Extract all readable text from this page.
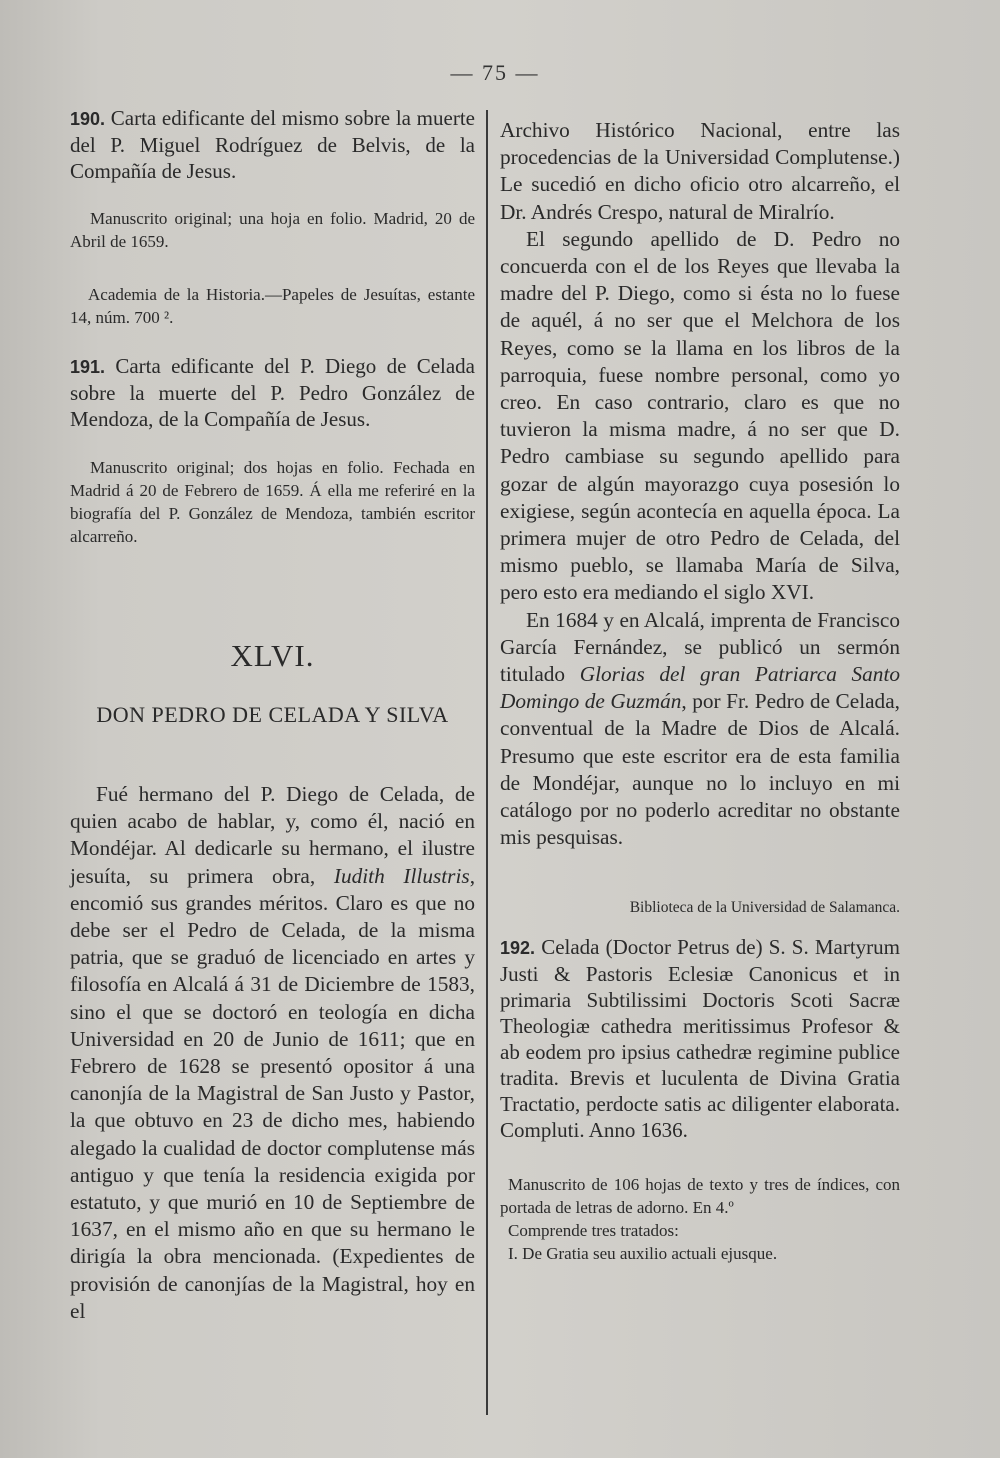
— 75 —

190. Carta edificante del mismo sobre la muerte del P. Miguel Rodríguez de Belvis, de la Compañía de Jesus.

Manuscrito original; una hoja en folio. Madrid, 20 de Abril de 1659.

Academia de la Historia.—Papeles de Jesuítas, estante 14, núm. 700 ².

191. Carta edificante del P. Diego de Celada sobre la muerte del P. Pedro González de Mendoza, de la Compañía de Jesus.

Manuscrito original; dos hojas en folio. Fechada en Madrid á 20 de Febrero de 1659. Á ella me referiré en la biografía del P. González de Mendoza, también escritor alcarreño.

XLVI.

DON PEDRO DE CELADA Y SILVA

Fué hermano del P. Diego de Celada, de quien acabo de hablar, y, como él, nació en Mondéjar. Al dedicarle su hermano, el ilustre jesuíta, su primera obra, Iudith Illustris, encomió sus grandes méritos. Claro es que no debe ser el Pedro de Celada, de la misma patria, que se graduó de licenciado en artes y filosofía en Alcalá á 31 de Diciembre de 1583, sino el que se doctoró en teología en dicha Universidad en 20 de Junio de 1611; que en Febrero de 1628 se presentó opositor á una canonjía de la Magistral de San Justo y Pastor, la que obtuvo en 23 de dicho mes, habiendo alegado la cualidad de doctor complutense más antiguo y que tenía la residencia exigida por estatuto, y que murió en 10 de Septiembre de 1637, en el mismo año en que su hermano le dirigía la obra mencionada. (Expedientes de provisión de canonjías de la Magistral, hoy en el

Archivo Histórico Nacional, entre las procedencias de la Universidad Complutense.) Le sucedió en dicho oficio otro alcarreño, el Dr. Andrés Crespo, natural de Miralrío.

El segundo apellido de D. Pedro no concuerda con el de los Reyes que llevaba la madre del P. Diego, como si ésta no lo fuese de aquél, á no ser que el Melchora de los Reyes, como se la llama en los libros de la parroquia, fuese nombre personal, como yo creo. En caso contrario, claro es que no tuvieron la misma madre, á no ser que D. Pedro cambiase su segundo apellido para gozar de algún mayorazgo cuya posesión lo exigiese, según acontecía en aquella época. La primera mujer de otro Pedro de Celada, del mismo pueblo, se llamaba María de Silva, pero esto era mediando el siglo XVI.

En 1684 y en Alcalá, imprenta de Francisco García Fernández, se publicó un sermón titulado Glorias del gran Patriarca Santo Domingo de Guzmán, por Fr. Pedro de Celada, conventual de la Madre de Dios de Alcalá. Presumo que este escritor era de esta familia de Mondéjar, aunque no lo incluyo en mi catálogo por no poderlo acreditar no obstante mis pesquisas.

Biblioteca de la Universidad de Salamanca.

192. Celada (Doctor Petrus de) S. S. Martyrum Justi & Pastoris Eclesiæ Canonicus et in primaria Subtilissimi Doctoris Scoti Sacræ Theologiæ cathedra meritissimus Profesor & ab eodem pro ipsius cathedræ regimine publice tradita. Brevis et luculenta de Divina Gratia Tractatio, perdocte satis ac diligenter elaborata. Compluti. Anno 1636.

Manuscrito de 106 hojas de texto y tres de índices, con portada de letras de adorno. En 4.º

Comprende tres tratados:

I. De Gratia seu auxilio actuali ejusque.
